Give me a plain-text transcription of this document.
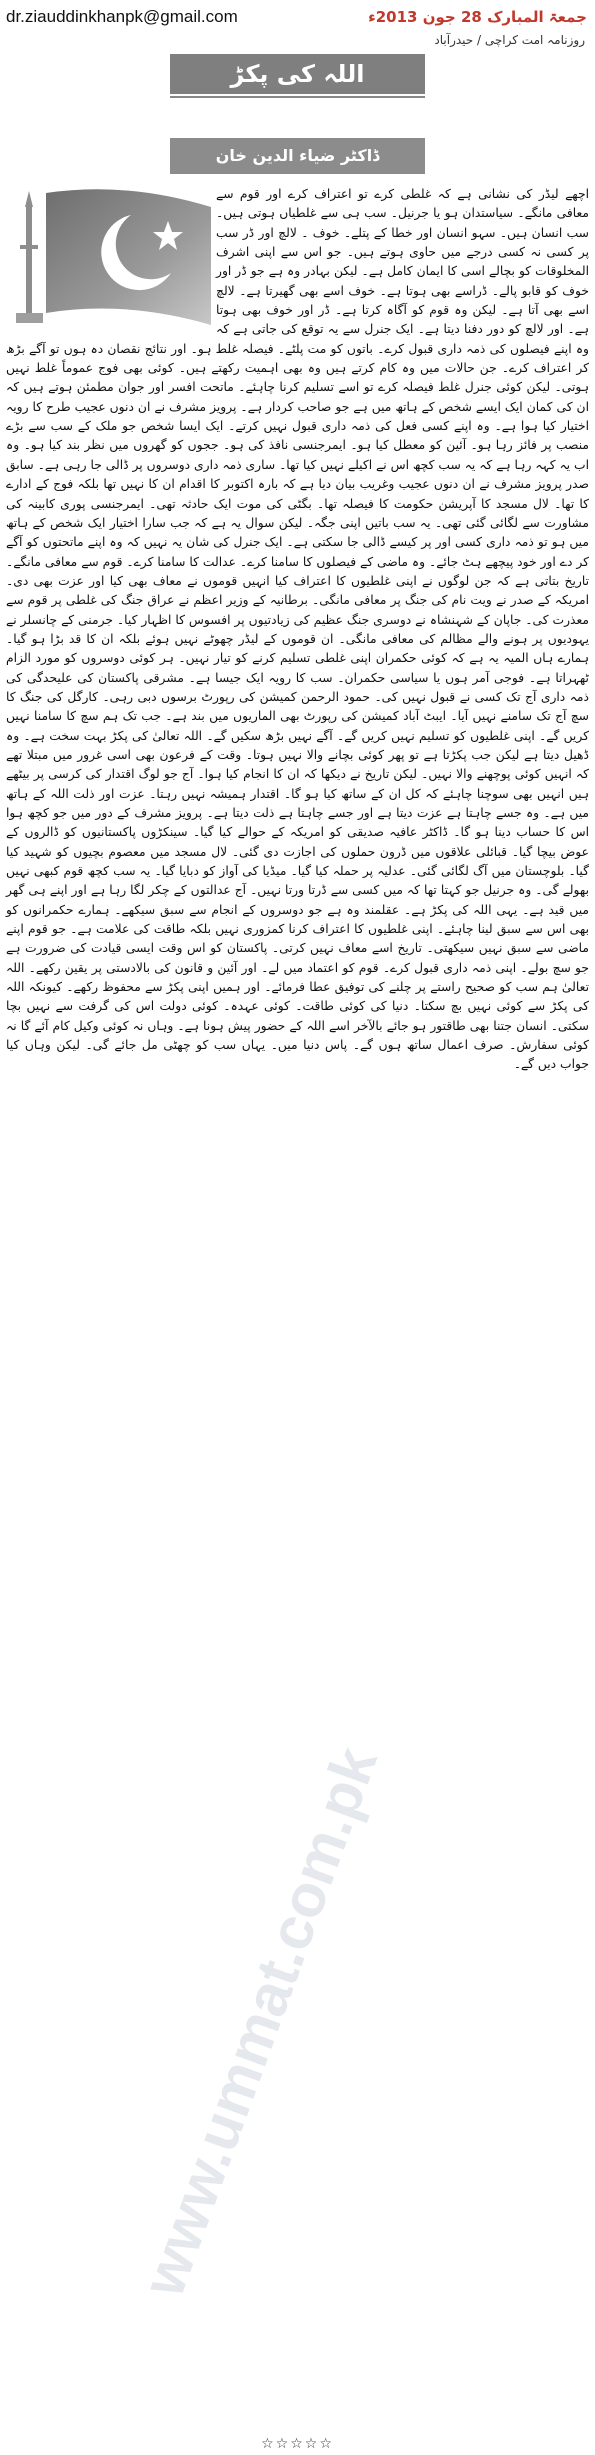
dr.ziauddinkhanpk@gmail.com	جمعۃ المبارک 28 جون 2013ء
روزنامہ امت کراچی / حیدرآباد
اللہ کی پکڑ
ڈاکٹر ضیاء الدین خان
www.ummat.com.pk

اچھے لیڈر کی نشانی ہے کہ غلطی کرے تو اعتراف کرے اور قوم سے معافی مانگے۔ سیاستدان ہو یا جرنیل۔ سب ہی سے غلطیاں ہوتی ہیں۔ سب انسان ہیں۔ سہو انسان اور خطا کے پتلے۔ خوف ۔ لالچ اور ڈر سب پر کسی نہ کسی درجے میں حاوی ہوتے ہیں۔ جو اس سے اپنی اشرف المخلوقات کو بچالے اسی کا ایمان کامل ہے۔ لیکن بہادر وہ ہے جو ڈر اور خوف کو قابو پالے۔ ڈراسے بھی ہوتا ہے۔ خوف اسے بھی گھیرتا ہے۔ لالچ اسے بھی آتا ہے۔ لیکن وہ قوم کو آگاہ کرتا ہے۔ ڈر اور خوف بھی ہوتا ہے۔ اور لالچ کو دور دفنا دیتا ہے۔ ایک جنرل سے یہ توقع کی جاتی ہے کہ وہ اپنے فیصلوں کی ذمہ داری قبول کرے۔ باتوں کو مت پلٹے۔ فیصلہ غلط ہو۔ اور نتائج نقصان دہ ہوں تو آگے بڑھ کر اعتراف کرے۔ جن حالات میں وہ کام کرتے ہیں وہ بھی اہمیت رکھتے ہیں۔ کوئی بھی فوج عموماً غلط نہیں ہوتی۔ لیکن کوئی جنرل غلط فیصلہ کرے تو اسے تسلیم کرنا چاہئے۔ ماتحت افسر اور جوان مطمئن ہوتے ہیں کہ ان کی کمان ایک ایسے شخص کے ہاتھ میں ہے جو صاحب کردار ہے۔ پرویز مشرف نے ان دنوں عجیب طرح کا رویہ اختیار کیا ہوا ہے۔ وہ اپنے کسی فعل کی ذمہ داری قبول نہیں کرتے۔ ایک ایسا شخص جو ملک کے سب سے بڑے منصب پر فائز رہا ہو۔ آئین کو معطل کیا ہو۔ ایمرجنسی نافذ کی ہو۔ ججوں کو گھروں میں نظر بند کیا ہو۔ وہ اب یہ کہہ رہا ہے کہ یہ سب کچھ اس نے اکیلے نہیں کیا تھا۔ ساری ذمہ داری دوسروں پر ڈالی جا رہی ہے۔ سابق صدر پرویز مشرف نے ان دنوں عجیب وغریب بیان دیا ہے کہ بارہ اکتوبر کا اقدام ان کا نہیں تھا بلکہ فوج کے ادارے کا تھا۔ لال مسجد کا آپریشن حکومت کا فیصلہ تھا۔ بگٹی کی موت ایک حادثہ تھی۔ ایمرجنسی پوری کابینہ کی مشاورت سے لگائی گئی تھی۔ یہ سب باتیں اپنی جگہ۔ لیکن سوال یہ ہے کہ جب سارا اختیار ایک شخص کے ہاتھ میں ہو تو ذمہ داری کسی اور پر کیسے ڈالی جا سکتی ہے۔ ایک جنرل کی شان یہ نہیں کہ وہ اپنے ماتحتوں کو آگے کر دے اور خود پیچھے ہٹ جائے۔ وہ ماضی کے فیصلوں کا سامنا کرے۔ عدالت کا سامنا کرے۔ قوم سے معافی مانگے۔ تاریخ بتاتی ہے کہ جن لوگوں نے اپنی غلطیوں کا اعتراف کیا انہیں قوموں نے معاف بھی کیا اور عزت بھی دی۔ امریکہ کے صدر نے ویت نام کی جنگ پر معافی مانگی۔ برطانیہ کے وزیر اعظم نے عراق جنگ کی غلطی پر قوم سے معذرت کی۔ جاپان کے شہنشاہ نے دوسری جنگ عظیم کی زیادتیوں پر افسوس کا اظہار کیا۔ جرمنی کے چانسلر نے یہودیوں پر ہونے والے مظالم کی معافی مانگی۔ ان قوموں کے لیڈر چھوٹے نہیں ہوئے بلکہ ان کا قد بڑا ہو گیا۔ ہمارے ہاں المیہ یہ ہے کہ کوئی حکمران اپنی غلطی تسلیم کرنے کو تیار نہیں۔ ہر کوئی دوسروں کو مورد الزام ٹھہراتا ہے۔ فوجی آمر ہوں یا سیاسی حکمران۔ سب کا رویہ ایک جیسا ہے۔ مشرقی پاکستان کی علیحدگی کی ذمہ داری آج تک کسی نے قبول نہیں کی۔ حمود الرحمن کمیشن کی رپورٹ برسوں دبی رہی۔ کارگل کی جنگ کا سچ آج تک سامنے نہیں آیا۔ ایبٹ آباد کمیشن کی رپورٹ بھی الماریوں میں بند ہے۔ جب تک ہم سچ کا سامنا نہیں کریں گے۔ اپنی غلطیوں کو تسلیم نہیں کریں گے۔ آگے نہیں بڑھ سکیں گے۔ اللہ تعالیٰ کی پکڑ بہت سخت ہے۔ وہ ڈھیل دیتا ہے لیکن جب پکڑتا ہے تو پھر کوئی بچانے والا نہیں ہوتا۔ وقت کے فرعون بھی اسی غرور میں مبتلا تھے کہ انہیں کوئی پوچھنے والا نہیں۔ لیکن تاریخ نے دیکھا کہ ان کا انجام کیا ہوا۔ آج جو لوگ اقتدار کی کرسی پر بیٹھے ہیں انہیں بھی سوچنا چاہئے کہ کل ان کے ساتھ کیا ہو گا۔ اقتدار ہمیشہ نہیں رہتا۔ عزت اور ذلت اللہ کے ہاتھ میں ہے۔ وہ جسے چاہتا ہے عزت دیتا ہے اور جسے چاہتا ہے ذلت دیتا ہے۔ پرویز مشرف کے دور میں جو کچھ ہوا اس کا حساب دینا ہو گا۔ ڈاکٹر عافیہ صدیقی کو امریکہ کے حوالے کیا گیا۔ سینکڑوں پاکستانیوں کو ڈالروں کے عوض بیچا گیا۔ قبائلی علاقوں میں ڈرون حملوں کی اجازت دی گئی۔ لال مسجد میں معصوم بچیوں کو شہید کیا گیا۔ بلوچستان میں آگ لگائی گئی۔ عدلیہ پر حملہ کیا گیا۔ میڈیا کی آواز کو دبایا گیا۔ یہ سب کچھ قوم کبھی نہیں بھولے گی۔ وہ جرنیل جو کہتا تھا کہ میں کسی سے ڈرتا ورتا نہیں۔ آج عدالتوں کے چکر لگا رہا ہے اور اپنے ہی گھر میں قید ہے۔ یہی اللہ کی پکڑ ہے۔ عقلمند وہ ہے جو دوسروں کے انجام سے سبق سیکھے۔ ہمارے حکمرانوں کو بھی اس سے سبق لینا چاہئے۔ اپنی غلطیوں کا اعتراف کرنا کمزوری نہیں بلکہ طاقت کی علامت ہے۔ جو قوم اپنے ماضی سے سبق نہیں سیکھتی۔ تاریخ اسے معاف نہیں کرتی۔ پاکستان کو اس وقت ایسی قیادت کی ضرورت ہے جو سچ بولے۔ اپنی ذمہ داری قبول کرے۔ قوم کو اعتماد میں لے۔ اور آئین و قانون کی بالادستی پر یقین رکھے۔ اللہ تعالیٰ ہم سب کو صحیح راستے پر چلنے کی توفیق عطا فرمائے۔ اور ہمیں اپنی پکڑ سے محفوظ رکھے۔ کیونکہ اللہ کی پکڑ سے کوئی نہیں بچ سکتا۔ دنیا کی کوئی طاقت۔ کوئی عہدہ۔ کوئی دولت اس کی گرفت سے نہیں بچا سکتی۔ انسان جتنا بھی طاقتور ہو جائے بالآخر اسے اللہ کے حضور پیش ہونا ہے۔ وہاں نہ کوئی وکیل کام آئے گا نہ کوئی سفارش۔ صرف اعمال ساتھ ہوں گے۔ پاس دنیا میں۔ یہاں سب کو چھٹی مل جائے گی۔ لیکن وہاں کیا جواب دیں گے۔

☆☆☆☆☆
